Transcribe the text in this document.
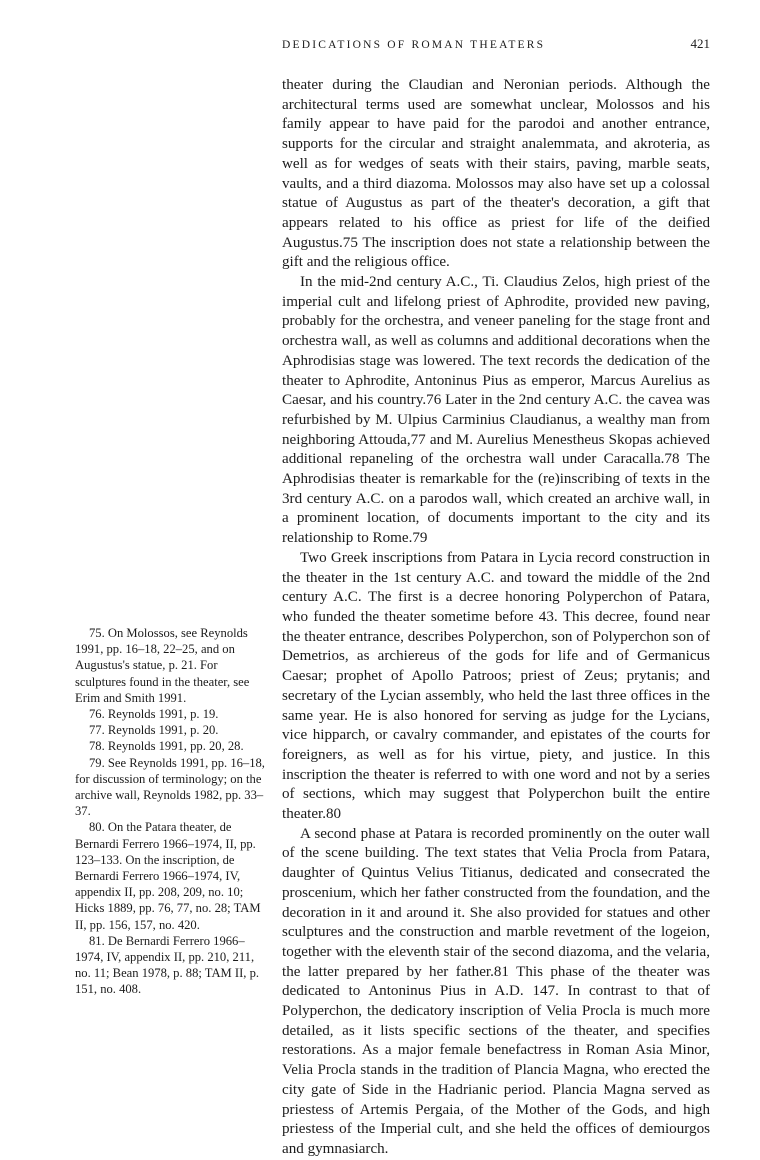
DEDICATIONS OF ROMAN THEATERS	421

theater during the Claudian and Neronian periods. Although the architectural terms used are somewhat unclear, Molossos and his family appear to have paid for the parodoi and another entrance, supports for the circular and straight analemmata, and akroteria, as well as for wedges of seats with their stairs, paving, marble seats, vaults, and a third diazoma. Molossos may also have set up a colossal statue of Augustus as part of the theater's decoration, a gift that appears related to his office as priest for life of the deified Augustus.75 The inscription does not state a relationship between the gift and the religious office.

In the mid-2nd century A.C., Ti. Claudius Zelos, high priest of the imperial cult and lifelong priest of Aphrodite, provided new paving, probably for the orchestra, and veneer paneling for the stage front and orchestra wall, as well as columns and additional decorations when the Aphrodisias stage was lowered. The text records the dedication of the theater to Aphrodite, Antoninus Pius as emperor, Marcus Aurelius as Caesar, and his country.76 Later in the 2nd century A.C. the cavea was refurbished by M. Ulpius Carminius Claudianus, a wealthy man from neighboring Attouda,77 and M. Aurelius Menestheus Skopas achieved additional repaneling of the orchestra wall under Caracalla.78 The Aphrodisias theater is remarkable for the (re)inscribing of texts in the 3rd century A.C. on a parodos wall, which created an archive wall, in a prominent location, of documents important to the city and its relationship to Rome.79

Two Greek inscriptions from Patara in Lycia record construction in the theater in the 1st century A.C. and toward the middle of the 2nd century A.C. The first is a decree honoring Polyperchon of Patara, who funded the theater sometime before 43. This decree, found near the theater entrance, describes Polyperchon, son of Polyperchon son of Demetrios, as archiereus of the gods for life and of Germanicus Caesar; prophet of Apollo Patroos; priest of Zeus; prytanis; and secretary of the Lycian assembly, who held the last three offices in the same year. He is also honored for serving as judge for the Lycians, vice hipparch, or cavalry commander, and epistates of the courts for foreigners, as well as for his virtue, piety, and justice. In this inscription the theater is referred to with one word and not by a series of sections, which may suggest that Polyperchon built the entire theater.80

A second phase at Patara is recorded prominently on the outer wall of the scene building. The text states that Velia Procla from Patara, daughter of Quintus Velius Titianus, dedicated and consecrated the proscenium, which her father constructed from the foundation, and the decoration in it and around it. She also provided for statues and other sculptures and the construction and marble revetment of the logeion, together with the eleventh stair of the second diazoma, and the velaria, the latter prepared by her father.81 This phase of the theater was dedicated to Antoninus Pius in A.D. 147. In contrast to that of Polyperchon, the dedicatory inscription of Velia Procla is much more detailed, as it lists specific sections of the theater, and specifies restorations. As a major female benefactress in Roman Asia Minor, Velia Procla stands in the tradition of Plancia Magna, who erected the city gate of Side in the Hadrianic period. Plancia Magna served as priestess of Artemis Pergaia, of the Mother of the Gods, and high priestess of the Imperial cult, and she held the offices of demiourgos and gymnasiarch.

75. On Molossos, see Reynolds 1991, pp. 16–18, 22–25, and on Augustus's statue, p. 21. For sculptures found in the theater, see Erim and Smith 1991.

76. Reynolds 1991, p. 19.

77. Reynolds 1991, p. 20.

78. Reynolds 1991, pp. 20, 28.

79. See Reynolds 1991, pp. 16–18, for discussion of terminology; on the archive wall, Reynolds 1982, pp. 33–37.

80. On the Patara theater, de Bernardi Ferrero 1966–1974, II, pp. 123–133. On the inscription, de Bernardi Ferrero 1966–1974, IV, appendix II, pp. 208, 209, no. 10; Hicks 1889, pp. 76, 77, no. 28; TAM II, pp. 156, 157, no. 420.

81. De Bernardi Ferrero 1966–1974, IV, appendix II, pp. 210, 211, no. 11; Bean 1978, p. 88; TAM II, p. 151, no. 408.
